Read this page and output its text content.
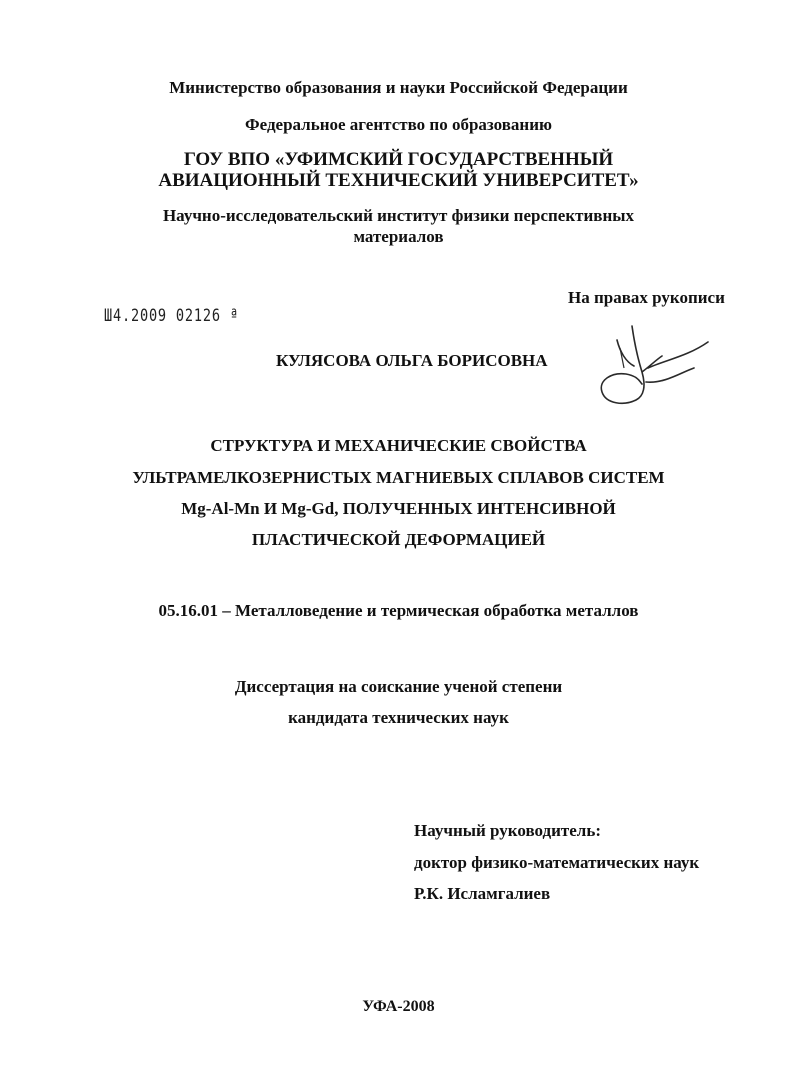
Министерство образования и науки Российской Федерации
Федеральное агентство по образованию
ГОУ ВПО «УФИМСКИЙ ГОСУДАРСТВЕННЫЙ
АВИАЦИОННЫЙ ТЕХНИЧЕСКИЙ УНИВЕРСИТЕТ»
Научно-исследовательский институт физики перспективных
материалов
На правах рукописи
Ш4.2009 02126 ª
КУЛЯСОВА ОЛЬГА БОРИСОВНА
СТРУКТУРА И МЕХАНИЧЕСКИЕ СВОЙСТВА
УЛЬТРАМЕЛКОЗЕРНИСТЫХ МАГНИЕВЫХ СПЛАВОВ СИСТЕМ
Mg-Al-Mn И Mg-Gd, ПОЛУЧЕННЫХ ИНТЕНСИВНОЙ
ПЛАСТИЧЕСКОЙ ДЕФОРМАЦИЕЙ
05.16.01 – Металловедение и термическая обработка металлов
Диссертация на соискание ученой степени
кандидата технических наук
Научный руководитель:
доктор физико-математических наук
Р.К. Исламгалиев
УФА-2008
